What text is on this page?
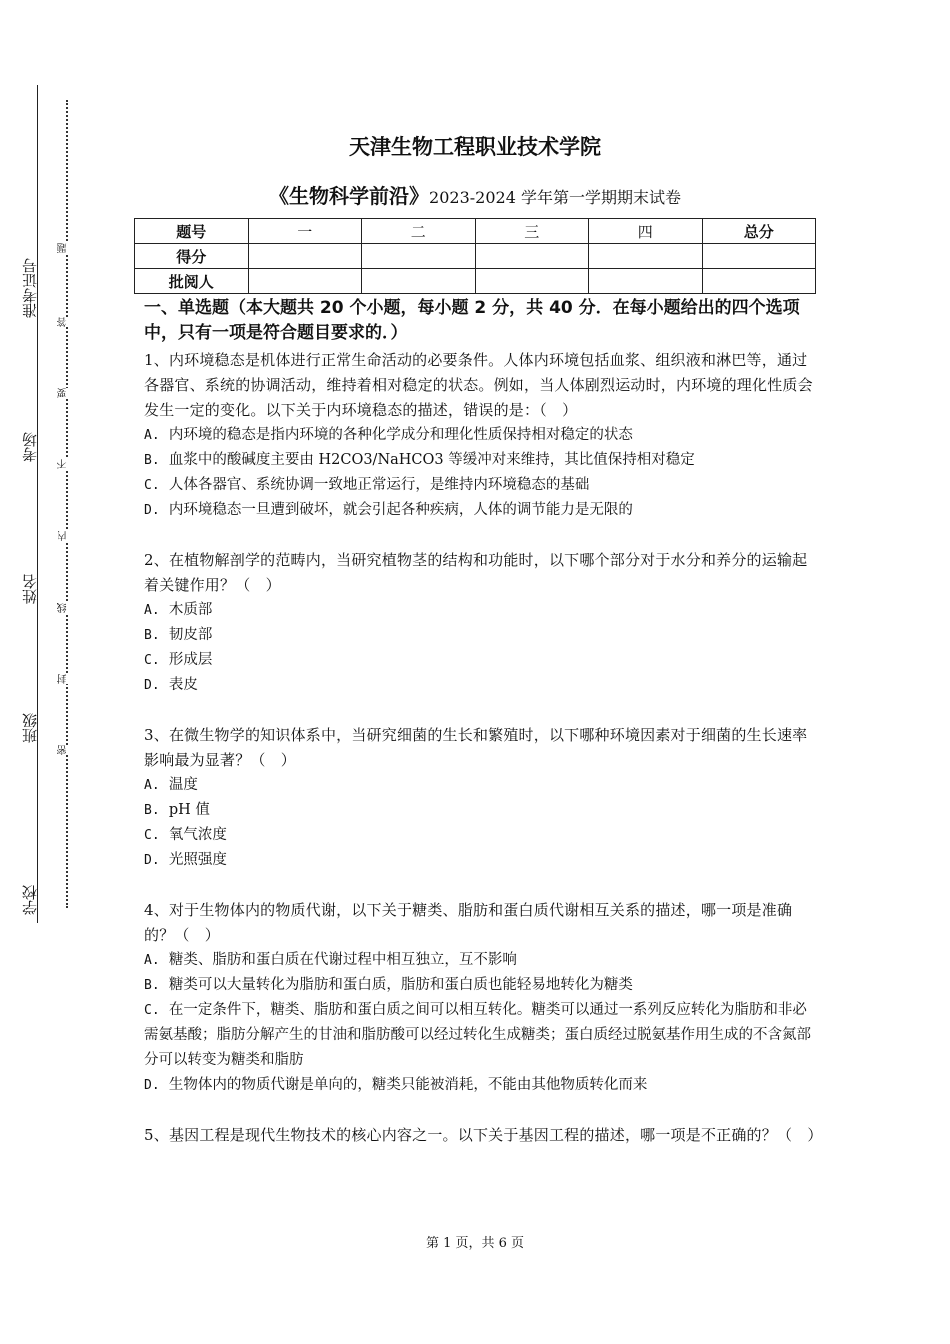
准考证号
考场
姓名
班级
学校
题
答
要
不
内
线
封
密
天津生物工程职业技术学院

《生物科学前沿》2023-2024 学年第一学期期末试卷

题号	一	二	三	四	总分
得分					
批阅人					

一、单选题（本大题共 20 个小题，每小题 2 分，共 40 分．在每小题给出的四个选项中，只有一项是符合题目要求的．）

1、内环境稳态是机体进行正常生命活动的必要条件。人体内环境包括血浆、组织液和淋巴等，通过各器官、系统的协调活动，维持着相对稳定的状态。例如，当人体剧烈运动时，内环境的理化性质会发生一定的变化。以下关于内环境稳态的描述，错误的是：（　）

A. 内环境的稳态是指内环境的各种化学成分和理化性质保持相对稳定的状态

B. 血浆中的酸碱度主要由 H2CO3/NaHCO3 等缓冲对来维持，其比值保持相对稳定

C. 人体各器官、系统协调一致地正常运行，是维持内环境稳态的基础

D. 内环境稳态一旦遭到破坏，就会引起各种疾病，人体的调节能力是无限的

2、在植物解剖学的范畴内，当研究植物茎的结构和功能时，以下哪个部分对于水分和养分的运输起着关键作用？（　）

A. 木质部

B. 韧皮部

C. 形成层

D. 表皮

3、在微生物学的知识体系中，当研究细菌的生长和繁殖时，以下哪种环境因素对于细菌的生长速率影响最为显著？（　）

A. 温度

B. pH 值

C. 氧气浓度

D. 光照强度

4、对于生物体内的物质代谢，以下关于糖类、脂肪和蛋白质代谢相互关系的描述，哪一项是准确的？（　）

A. 糖类、脂肪和蛋白质在代谢过程中相互独立，互不影响

B. 糖类可以大量转化为脂肪和蛋白质，脂肪和蛋白质也能轻易地转化为糖类

C. 在一定条件下，糖类、脂肪和蛋白质之间可以相互转化。糖类可以通过一系列反应转化为脂肪和非必需氨基酸；脂肪分解产生的甘油和脂肪酸可以经过转化生成糖类；蛋白质经过脱氨基作用生成的不含氮部分可以转变为糖类和脂肪

D. 生物体内的物质代谢是单向的，糖类只能被消耗，不能由其他物质转化而来

5、基因工程是现代生物技术的核心内容之一。以下关于基因工程的描述，哪一项是不正确的？（　）

第 1 页，共 6 页
